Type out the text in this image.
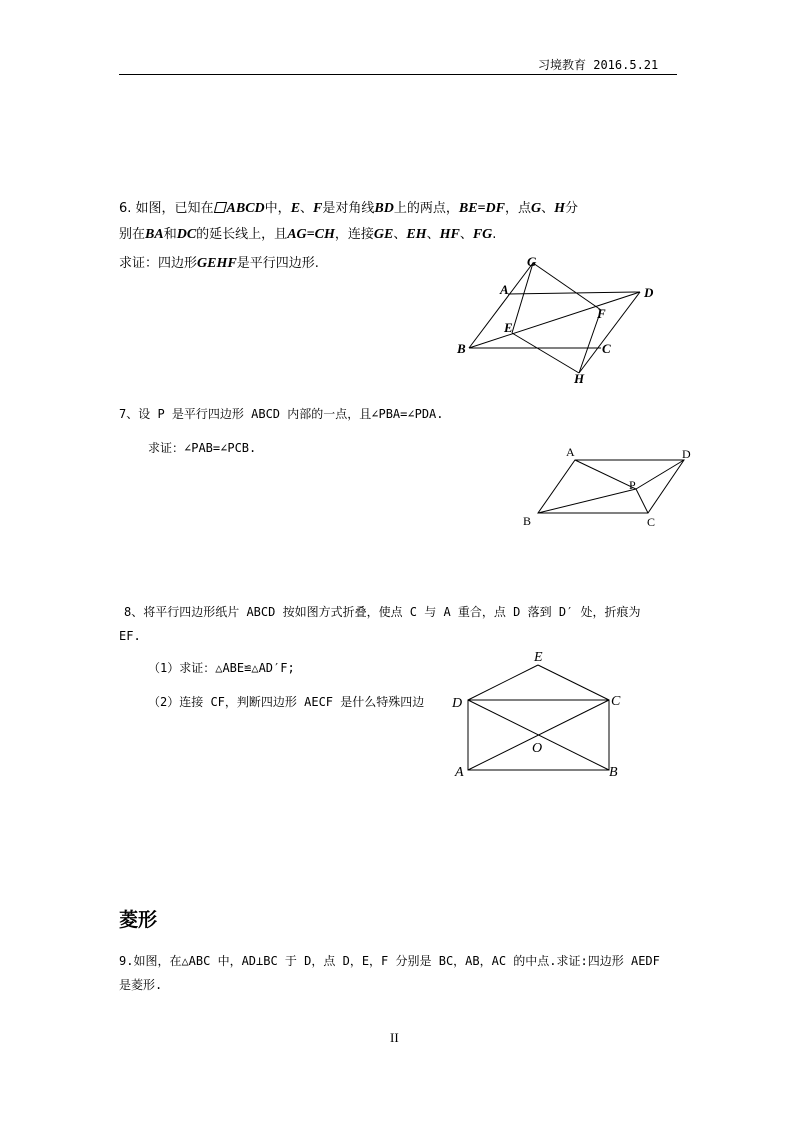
习境教育 2016.5.21
6. 如图，已知在 ABCD中，E、F是对角线BD上的两点，BE=DF，点G、H分
别在BA和DC的延长线上，且AG=CH，连接GE、EH、HF、FG.
求证：四边形GEHF是平行四边形.	G
A	D
F
E
B	C
H
7、设 P 是平行四边形 ABCD 内部的一点，且∠PBA=∠PDA.
求证：∠PAB=∠PCB.	A	D
P
B	C
8、将平行四边形纸片 ABCD 按如图方式折叠，使点 C 与 A 重合，点 D 落到 D′ 处，折痕为
EF.
（1）求证：△ABE≌△AD′F;
（2）连接 CF，判断四边形 AECF 是什么特殊四边
E
D	C
O
A	B
菱形
9.如图，在△ABC 中，AD⊥BC 于 D，点 D，E，F 分别是 BC，AB，AC 的中点.求证:四边形 AEDF
是菱形.
II
